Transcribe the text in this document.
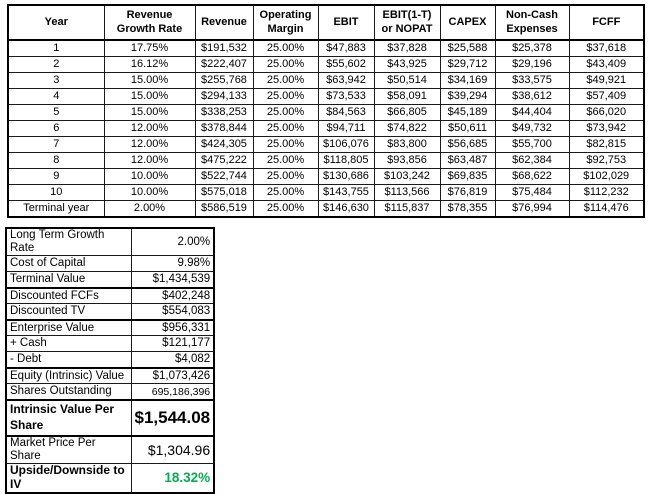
Year	Revenue Growth Rate	Revenue	Operating Margin	EBIT	EBIT(1-T) or NOPAT	CAPEX	Non-Cash Expenses	FCFF
1	17.75%	$191,532	25.00%	$47,883	$37,828	$25,588	$25,378	$37,618
2	16.12%	$222,407	25.00%	$55,602	$43,925	$29,712	$29,196	$43,409
3	15.00%	$255,768	25.00%	$63,942	$50,514	$34,169	$33,575	$49,921
4	15.00%	$294,133	25.00%	$73,533	$58,091	$39,294	$38,612	$57,409
5	15.00%	$338,253	25.00%	$84,563	$66,805	$45,189	$44,404	$66,020
6	12.00%	$378,844	25.00%	$94,711	$74,822	$50,611	$49,732	$73,942
7	12.00%	$424,305	25.00%	$106,076	$83,800	$56,685	$55,700	$82,815
8	12.00%	$475,222	25.00%	$118,805	$93,856	$63,487	$62,384	$92,753
9	10.00%	$522,744	25.00%	$130,686	$103,242	$69,835	$68,622	$102,029
10	10.00%	$575,018	25.00%	$143,755	$113,566	$76,819	$75,484	$112,232
Terminal year	2.00%	$586,519	25.00%	$146,630	$115,837	$78,355	$76,994	$114,476
Long Term Growth Rate	2.00%
Cost of Capital	9.98%
Terminal Value	$1,434,539
Discounted FCFs	$402,248
Discounted TV	$554,083
Enterprise Value	$956,331
+ Cash	$121,177
- Debt	$4,082
Equity (Intrinsic) Value	$1,073,426
Shares Outstanding	695,186,396
Intrinsic Value Per Share	$1,544.08
Market Price Per Share	$1,304.96
Upside/Downside to IV	18.32%
